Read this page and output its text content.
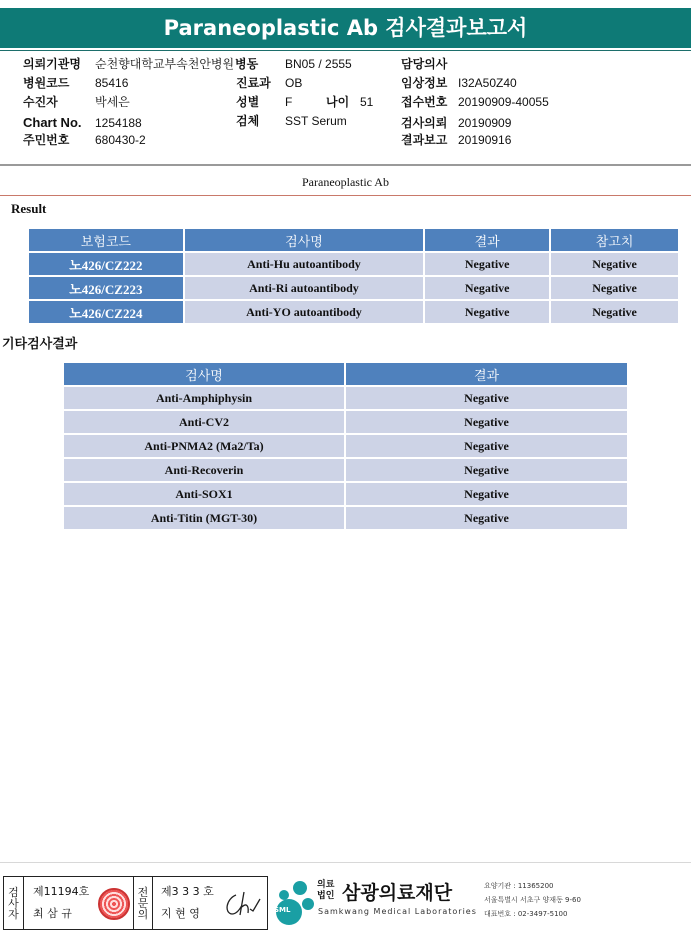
Paraneoplastic Ab 검사결과보고서
의뢰기관명 순천향대학교부속천안병원 병동 BN05 / 2555	담당의사
병원코드 85416	진료과 OB	임상정보 I32A50Z40
수진자	박세은	성별 F	나이 51 접수번호 20190909-40055
Chart No. 1254188	검체 SST Serum	검사의뢰 20190909
주민번호 680430-2	결과보고 20190916
Paraneoplastic Ab
Result
보험코드	검사명	결과	참고치
노426/CZ222	Anti-Hu autoantibody	Negative	Negative
노426/CZ223	Anti-Ri autoantibody	Negative	Negative
노426/CZ224	Anti-YO autoantibody	Negative	Negative
기타검사결과
검사명	결과
Anti-Amphiphysin	Negative
Anti-CV2	Negative
Anti-PNMA2 (Ma2/Ta)	Negative
Anti-Recoverin	Negative
Anti-SOX1	Negative
Anti-Titin (MGT-30)	Negative
검
사
자
제11194호
최 삼 규
전
문
의
제3 3 3 호
지 현 영	SML
의료
법인 삼광의료재단
Samkwang Medical Laboratories
요양기관 : 11365200
서울특별시 서초구 양재동 9-60
대표번호 : 02-3497-5100
